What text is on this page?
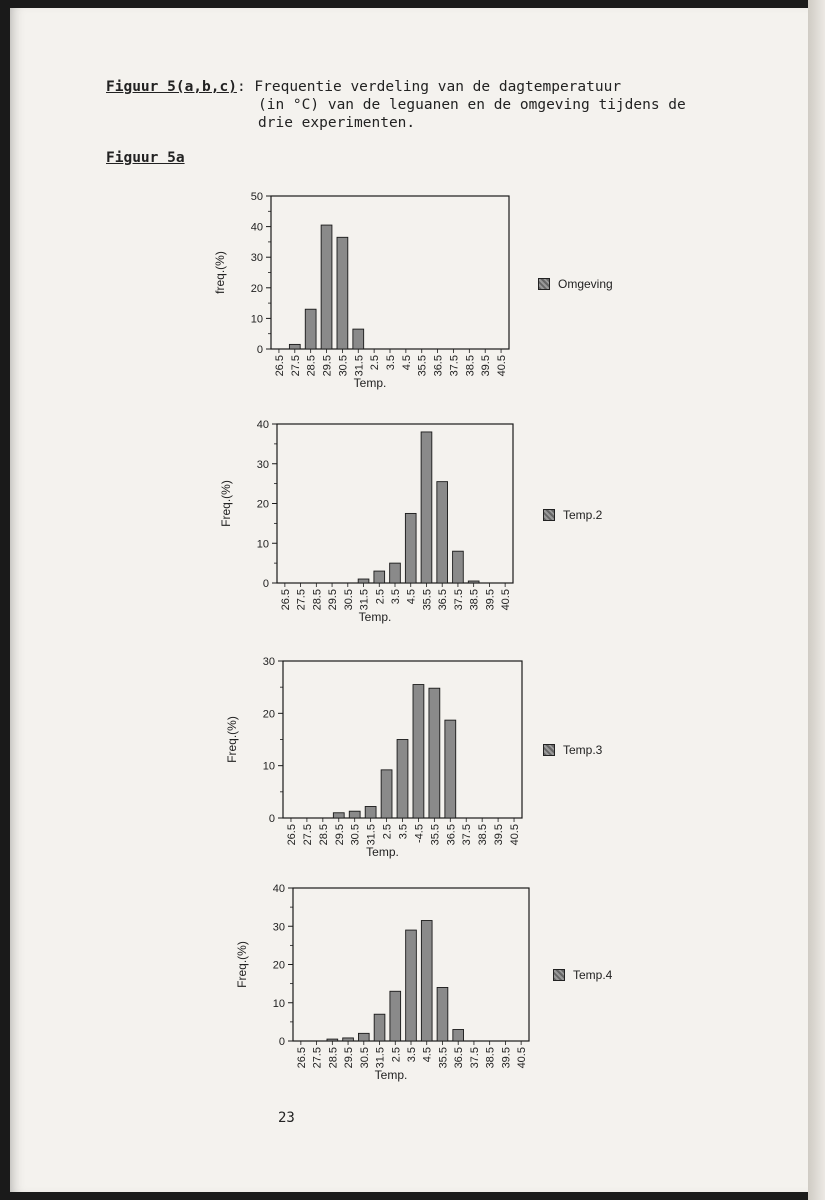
Figuur 5(a,b,c): Frequentie verdeling van de dagtemperatuur
(in °C) van de leguanen en de omgeving tijdens de
drie experimenten.
Figuur 5a
0
10
20
30
40
50
freq.(%)
26.5 27.5 28.5 29.5 30.5 31.5 2.5 3.5 4.5 35.5 36.5 37.5 38.5 39.5 40.5
Temp.
0
10
20
30
40
Freq.(%)
26.5 27.5 28.5 29.5 30.5 31.5 2.5 3.5 4.5 35.5 36.5 37.5 38.5 39.5 40.5
Temp.
0
10
20
30
Freq.(%)
26.5 27.5 28.5 29.5 30.5 31.5 2.5 3.5 -4.5 35.5 36.5 37.5 38.5 39.5 40.5
Temp.
0
10
20
30
40
Freq.(%)
26.5 27.5 28.5 29.5 30.5 31.5 2.5 3.5 4.5 35.5 36.5 37.5 38.5 39.5 40.5
Temp.
Omgeving
Temp.2
Temp.3
Temp.4
23
